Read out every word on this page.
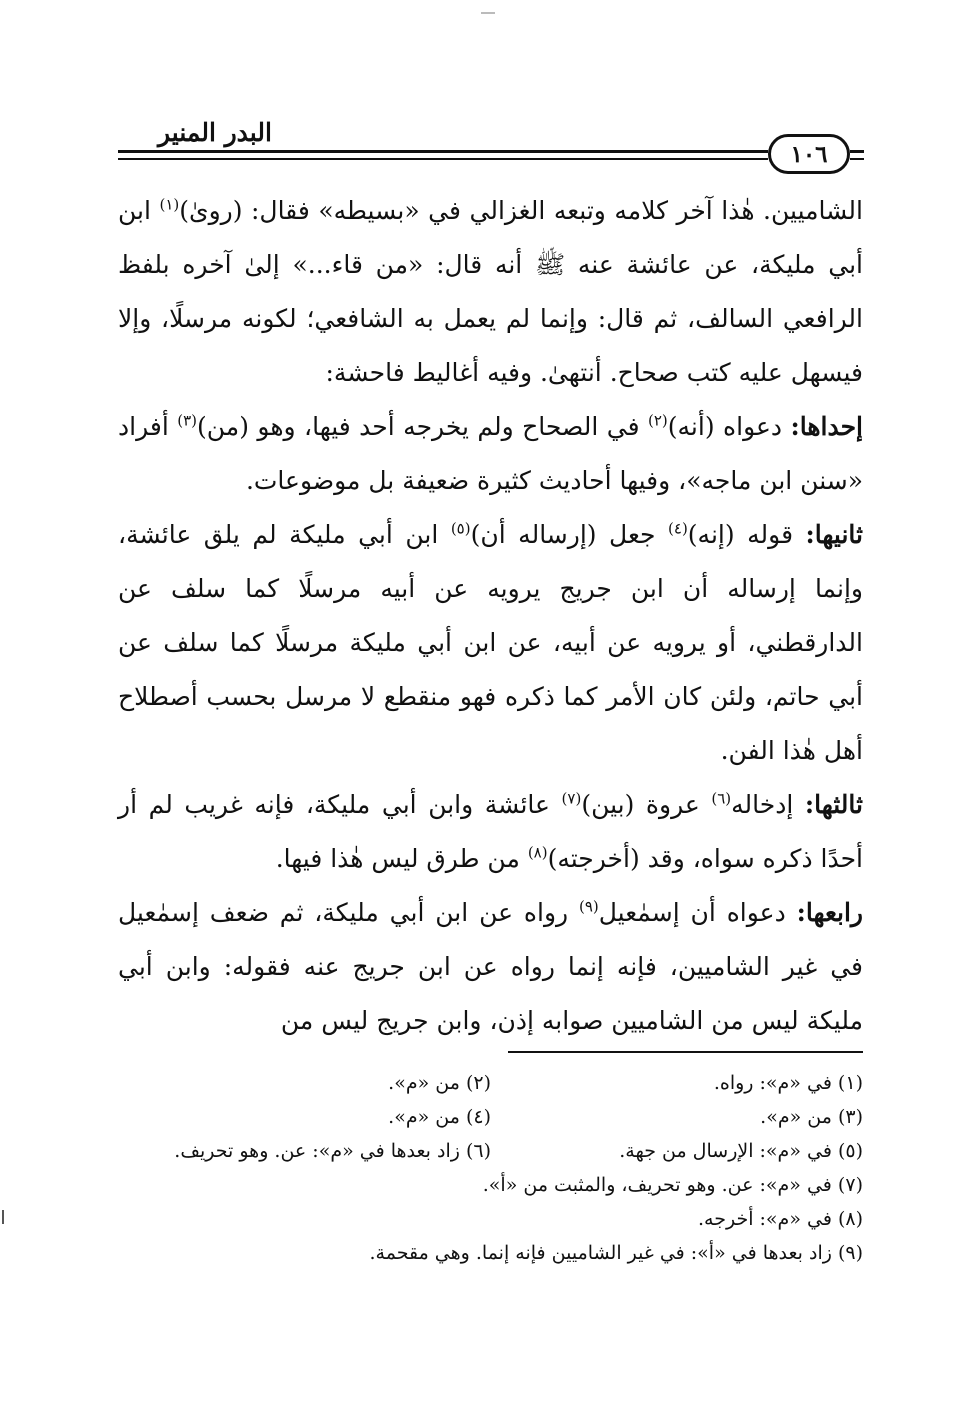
البدر المنير
١٠٦

الشاميين. هٰذا آخر كلامه وتبعه الغزالي في «بسيطه» فقال: (روىٰ)$^{(١)}$ ابن أبي مليكة، عن عائشة عنه ﷺ أنه قال: «من قاء...» إلىٰ آخره بلفظ الرافعي السالف، ثم قال: وإنما لم يعمل به الشافعي؛ لكونه مرسلًا، وإلا فيسهل عليه كتب صحاح. أنتهىٰ. وفيه أغاليط فاحشة:

إحداها: دعواه (أنه)$^{(٢)}$ في الصحاح ولم يخرجه أحد فيها، وهو (من)$^{(٣)}$ أفراد «سنن ابن ماجه»، وفيها أحاديث كثيرة ضعيفة بل موضوعات.

ثانيها: قوله (إنه)$^{(٤)}$ جعل (إرساله أن)$^{(٥)}$ ابن أبي مليكة لم يلق عائشة، وإنما إرساله أن ابن جريج يرويه عن أبيه مرسلًا كما سلف عن الدارقطني، أو يرويه عن أبيه، عن ابن أبي مليكة مرسلًا كما سلف عن أبي حاتم، ولئن كان الأمر كما ذكره فهو منقطع لا مرسل بحسب أصطلاح أهل هٰذا الفن.

ثالثها: إدخاله$^{(٦)}$ عروة (بين)$^{(٧)}$ عائشة وابن أبي مليكة، فإنه غريب لم أر أحدًا ذكره سواه، وقد (أخرجته)$^{(٨)}$ من طرق ليس هٰذا فيها.

رابعها: دعواه أن إسمٰعيل$^{(٩)}$ رواه عن ابن أبي مليكة، ثم ضعف إسمٰعيل في غير الشاميين، فإنه إنما رواه عن ابن جريج عنه فقوله: وابن أبي مليكة ليس من الشاميين صوابه إذن، وابن جريج ليس من

(١) في «م»: رواه.
(٢) من «م».
(٣) من «م».
(٤) من «م».
(٥) في «م»: الإرسال من جهة.
(٦) زاد بعدها في «م»: عن. وهو تحريف.
(٧) في «م»: عن. وهو تحريف، والمثبت من «أ».
(٨) في «م»: أخرجه.
(٩) زاد بعدها في «أ»: في غير الشاميين فإنه إنما. وهي مقحمة.
